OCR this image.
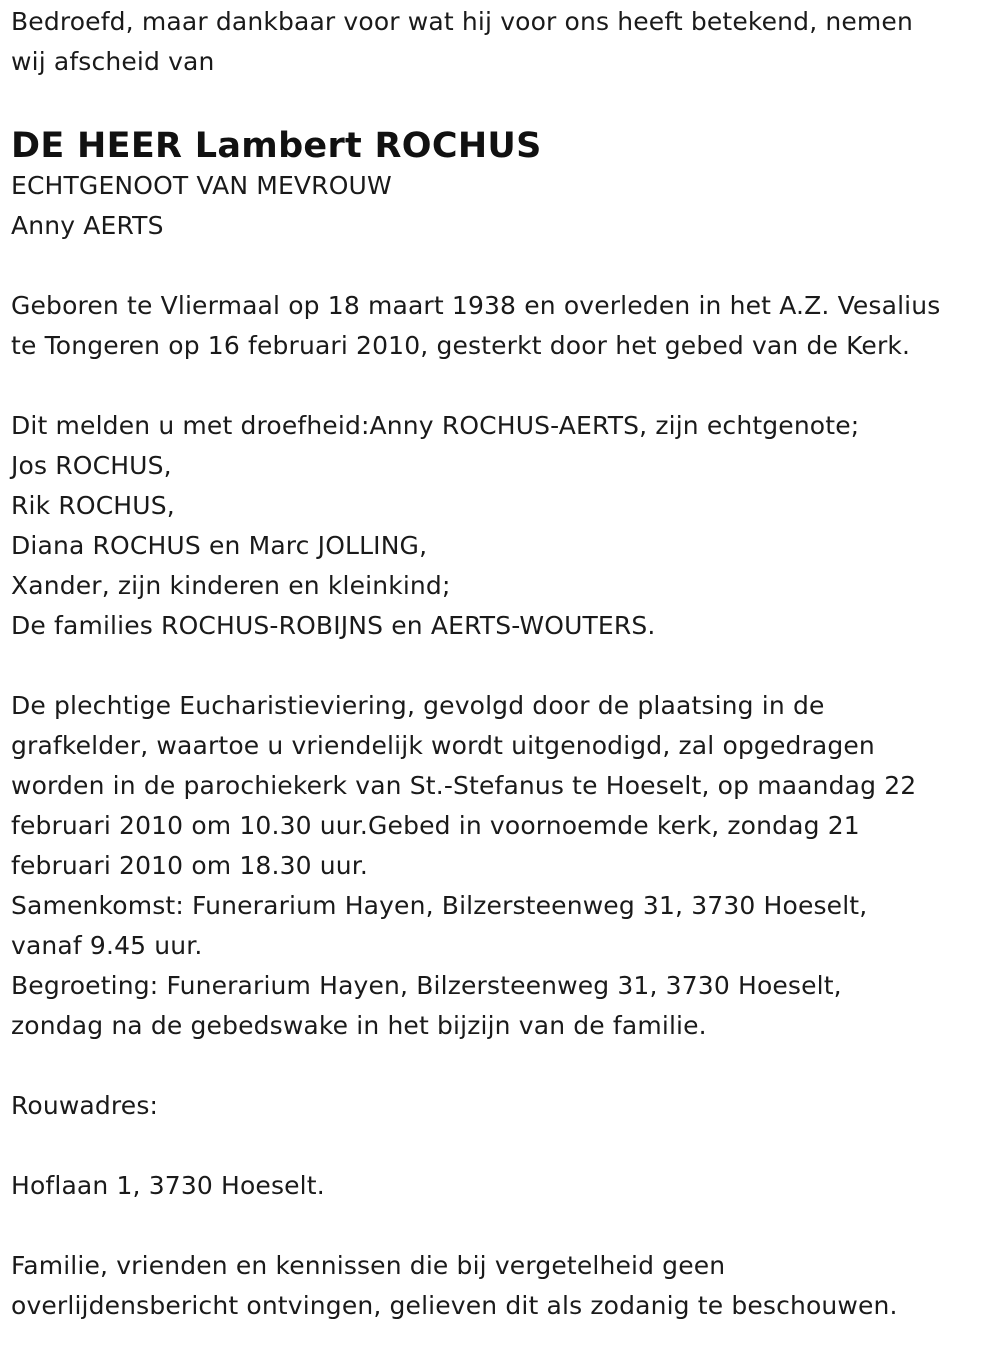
Bedroefd, maar dankbaar voor wat hij voor ons heeft betekend, nemen
wij afscheid van

DE HEER Lambert ROCHUS

ECHTGENOOT VAN MEVROUW

Anny AERTS

Geboren te Vliermaal op 18 maart 1938 en overleden in het A.Z. Vesalius
te Tongeren op 16 februari 2010, gesterkt door het gebed van de Kerk.

Dit melden u met droefheid:Anny ROCHUS-AERTS, zijn echtgenote;
Jos ROCHUS,
Rik ROCHUS,
Diana ROCHUS en Marc JOLLING,
Xander, zijn kinderen en kleinkind;
De families ROCHUS-ROBIJNS en AERTS-WOUTERS.

De plechtige Eucharistieviering, gevolgd door de plaatsing in de
grafkelder, waartoe u vriendelijk wordt uitgenodigd, zal opgedragen
worden in de parochiekerk van St.-Stefanus te Hoeselt, op maandag 22
februari 2010 om 10.30 uur.Gebed in voornoemde kerk, zondag 21
februari 2010 om 18.30 uur.
Samenkomst: Funerarium Hayen, Bilzersteenweg 31, 3730 Hoeselt,
vanaf 9.45 uur.
Begroeting: Funerarium Hayen, Bilzersteenweg 31, 3730 Hoeselt,
zondag na de gebedswake in het bijzijn van de familie.

Rouwadres:

Hoflaan 1, 3730 Hoeselt.

Familie, vrienden en kennissen die bij vergetelheid geen
overlijdensbericht ontvingen, gelieven dit als zodanig te beschouwen.
